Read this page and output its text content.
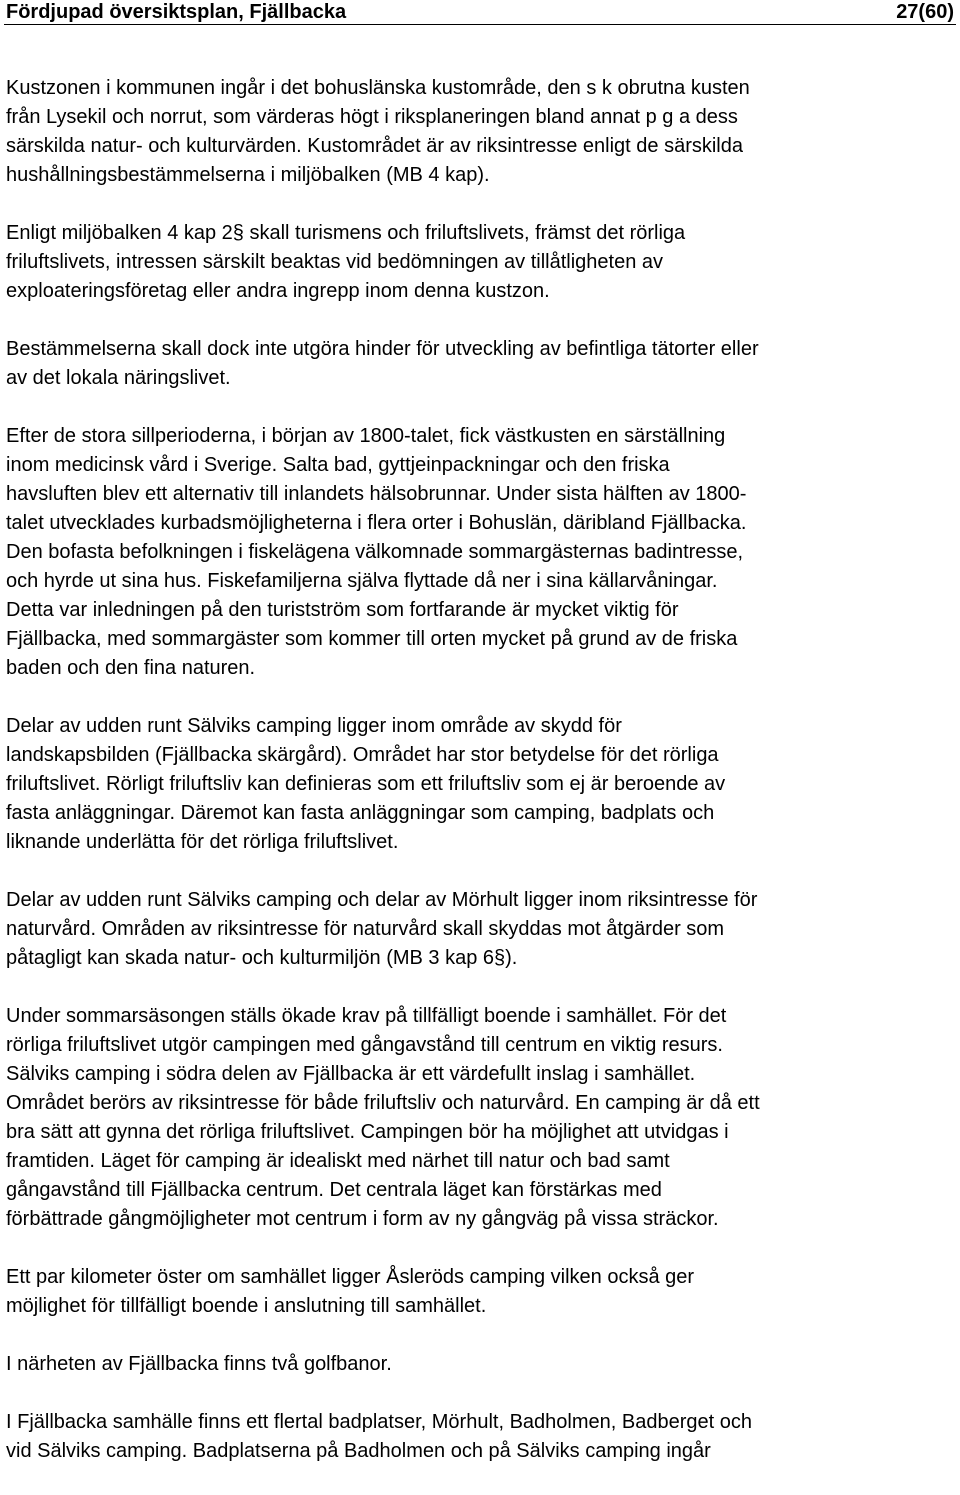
Fördjupad översiktsplan, Fjällbacka	27(60)

Kustzonen i kommunen ingår i det bohuslänska kustområde, den s k obrutna kusten
från Lysekil och norrut, som värderas högt i riksplaneringen bland annat p g a dess
särskilda natur- och kulturvärden. Kustområdet är av riksintresse enligt de särskilda
hushållningsbestämmelserna i miljöbalken (MB 4 kap).

Enligt miljöbalken 4 kap 2§ skall turismens och friluftslivets, främst det rörliga
friluftslivets, intressen särskilt beaktas vid bedömningen av tillåtligheten av
exploateringsföretag eller andra ingrepp inom denna kustzon.

Bestämmelserna skall dock inte utgöra hinder för utveckling av befintliga tätorter eller
av det lokala näringslivet.

Efter de stora sillperioderna, i början av 1800-talet, fick västkusten en särställning
inom medicinsk vård i Sverige. Salta bad, gyttjeinpackningar och den friska
havsluften blev ett alternativ till inlandets hälsobrunnar. Under sista hälften av 1800-
talet utvecklades kurbadsmöjligheterna i flera orter i Bohuslän, däribland Fjällbacka.
Den bofasta befolkningen i fiskelägena välkomnade sommargästernas badintresse,
och hyrde ut sina hus. Fiskefamiljerna själva flyttade då ner i sina källarvåningar.
Detta var inledningen på den turistström som fortfarande är mycket viktig för
Fjällbacka, med sommargäster som kommer till orten mycket på grund av de friska
baden och den fina naturen.

Delar av udden runt Sälviks camping ligger inom område av skydd för
landskapsbilden (Fjällbacka skärgård). Området har stor betydelse för det rörliga
friluftslivet. Rörligt friluftsliv kan definieras som ett friluftsliv som ej är beroende av
fasta anläggningar. Däremot kan fasta anläggningar som camping, badplats och
liknande underlätta för det rörliga friluftslivet.

Delar av udden runt Sälviks camping och delar av Mörhult ligger inom riksintresse för
naturvård. Områden av riksintresse för naturvård skall skyddas mot åtgärder som
påtagligt kan skada natur- och kulturmiljön (MB 3 kap 6§).

Under sommarsäsongen ställs ökade krav på tillfälligt boende i samhället. För det
rörliga friluftslivet utgör campingen med gångavstånd till centrum en viktig resurs.
Sälviks camping i södra delen av Fjällbacka är ett värdefullt inslag i samhället.
Området berörs av riksintresse för både friluftsliv och naturvård. En camping är då ett
bra sätt att gynna det rörliga friluftslivet. Campingen bör ha möjlighet att utvidgas i
framtiden. Läget för camping är idealiskt med närhet till natur och bad samt
gångavstånd till Fjällbacka centrum. Det centrala läget kan förstärkas med
förbättrade gångmöjligheter mot centrum i form av ny gångväg på vissa sträckor.

Ett par kilometer öster om samhället ligger Åsleröds camping vilken också ger
möjlighet för tillfälligt boende i anslutning till samhället.

I närheten av Fjällbacka finns två golfbanor.

I Fjällbacka samhälle finns ett flertal badplatser, Mörhult, Badholmen, Badberget och
vid Sälviks camping. Badplatserna på Badholmen och på Sälviks camping ingår
